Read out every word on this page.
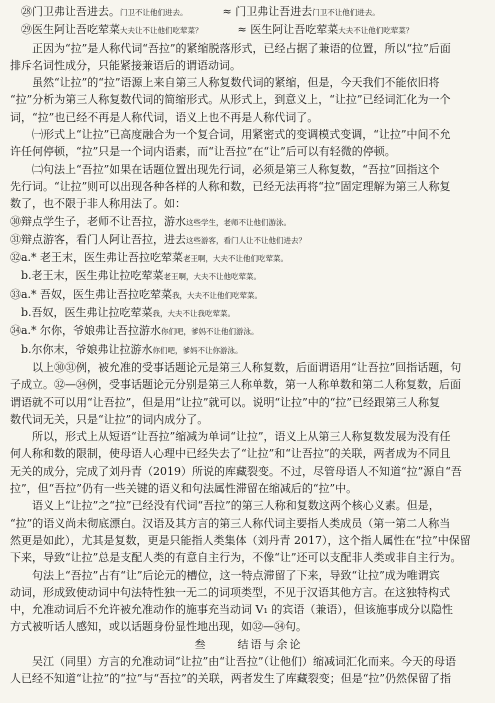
㉘门卫弗让吾进去。门卫不让他们进去。	≈ 门卫弗让吾进去门卫不让他们进去。
㉙医生阿让吾吃荤菜大夫让不让他们吃荤菜？	≈ 医生阿让吾吃荤菜大夫不让他们吃荤菜？
正因为“拉”是人称代词“吾拉”的紧缩脱落形式，已经占据了兼语的位置，所以“拉”后面
排斥名词性成分，只能紧接兼语后的谓语动词。
虽然“让拉”的“拉”语源上来自第三人称复数代词的紧缩，但是，今天我们不能依旧将
“拉”分析为第三人称复数代词的简缩形式。从形式上，到意义上，“让拉”已经词汇化为一个
词，“拉”也已经不再是人称代词，语义上也不再是人称代词了。
㈠形式上“让拉”已高度融合为一个复合词，用紧密式的变调模式变调，“让拉”中间不允
许任何停顿，“拉”只是一个词内语素，而“让吾拉”在“让”后可以有轻微的停顿。
㈡句法上“吾拉”如果在话题位置出现先行词，必须是第三人称复数，“吾拉”回指这个
先行词。“让拉”则可以出现各种各样的人称和数，已经无法再将“拉”固定理解为第三人称复
数了，也不限于非人称用法了。如：
㉚辩点学生子，老师不让吾拉，游水这些学生，老师不让他们游泳。
㉛辩点游客，看门人阿让吾拉，进去这些游客，看门人让不让他们进去？
㉜a.* 老王末，医生弗让吾拉吃荤菜老王啊，大夫不让他们吃荤菜。
b.老王末，医生弗让拉吃荤菜老王啊，大夫不让他吃荤菜。
㉝a.* 吾奴，医生弗让吾拉吃荤菜我，大夫不让他们吃荤菜。
b.吾奴，医生弗让拉吃荤菜我，大夫不让我吃荤菜。
㉞a.* 尔你，爷娘弗让吾拉游水你们吧，爹妈不让他们游泳。
b.尔你末，爷娘弗让拉游水你们吧，爹妈不让你游泳。
以上㉚㉛例，被允准的受事话题论元是第三人称复数，后面谓语用“让吾拉”回指话题，句
子成立。㉜—㉞例，受事话题论元分别是第三人称单数，第一人称单数和第二人称复数，后面
谓语就不可以用“让吾拉”，但是用“让拉”就可以。说明“让拉”中的“拉”已经跟第三人称复
数代词无关，只是“让拉”的词内成分了。
所以，形式上从短语“让吾拉”缩减为单词“让拉”，语义上从第三人称复数发展为没有任
何人称和数的限制，使母语人心理中已经失去了“让拉”和“让吾拉”的关联，两者成为不同且
无关的成分，完成了刘丹青（2019）所说的库藏裂变。不过，尽管母语人不知道“拉”源自“吾
拉”，但“吾拉”仍有一些关键的语义和句法属性滞留在缩减后的“拉”中。
语义上“让拉”之“拉”已经没有代词“吾拉”的第三人称和复数这两个核心义素。但是，
“拉”的语义尚未彻底漂白。汉语及其方言的第三人称代词主要指人类成员（第一第二人称当
然更是如此），尤其是复数，更是只能指人类集体（刘丹青 2017），这个指人属性在“拉”中保留
下来，导致“让拉”总是支配人类的有意自主行为，不像“让”还可以支配非人类或非自主行为。
句法上“吾拉”占有“让”后论元的槽位，这一特点滞留了下来，导致“让拉”成为唯谓宾
动词，形成致使动词中句法特性独一无二的词项类型，不见于汉语其他方言。在这独特构式
中，允准动词后不允许被允准动作的施事充当动词 V₁ 的宾语（兼语），但该施事成分以隐性
方式被听话人感知，或以话题身份显性地出现，如㉜—㉞句。
叁	结语与余论
吴江（同里）方言的允准动词“让拉”由“让吾拉”（让他们）缩减词汇化而来。今天的母语
人已经不知道“让拉”的“拉”与“吾拉”的关联，两者发生了库藏裂变；但是“拉”仍然保留了指
